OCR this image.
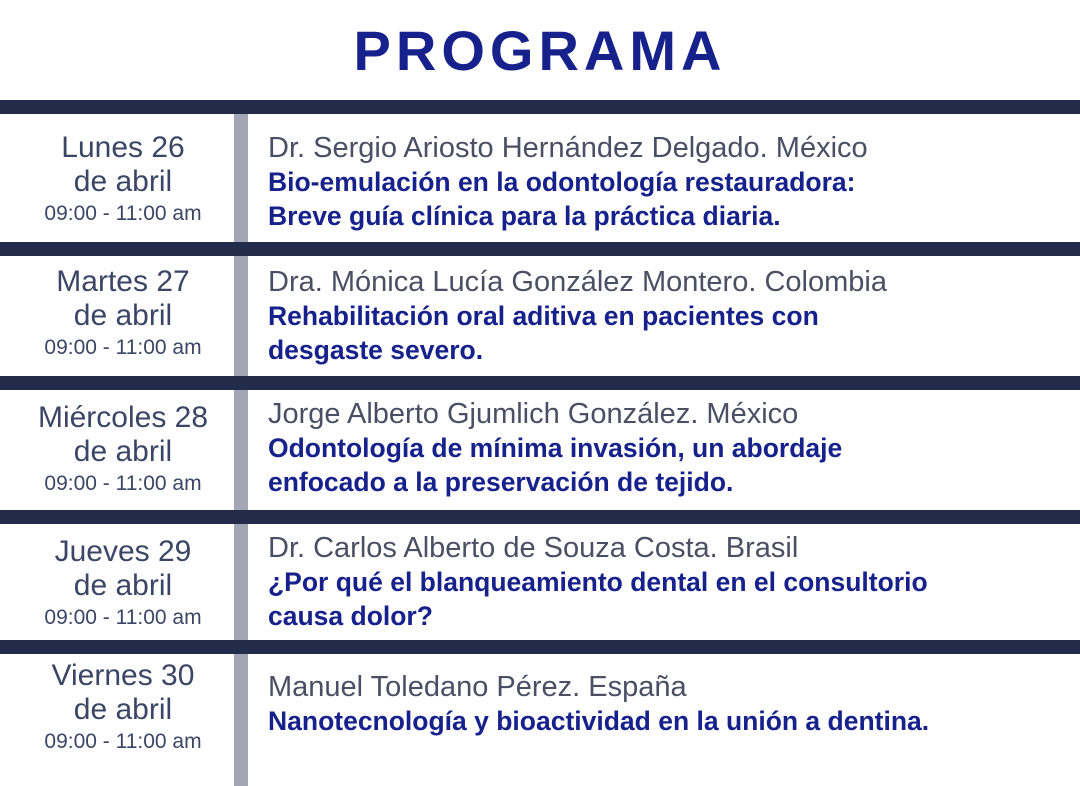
PROGRAMA
Lunes 26
de abril
09:00 - 11:00 am
Dr. Sergio Ariosto Hernández Delgado. México
Bio-emulación en la odontología restauradora:
Breve guía clínica para la práctica diaria.
Martes 27
de abril
09:00 - 11:00 am
Dra. Mónica Lucía González Montero. Colombia
Rehabilitación oral aditiva en pacientes con
desgaste severo.
Miércoles 28
de abril
09:00 - 11:00 am
Jorge Alberto Gjumlich González. México
Odontología de mínima invasión, un abordaje
enfocado a la preservación de tejido.
Jueves 29
de abril
09:00 - 11:00 am
Dr. Carlos Alberto de Souza Costa. Brasil
¿Por qué el blanqueamiento dental en el consultorio
causa dolor?
Viernes 30
de abril
09:00 - 11:00 am
Manuel Toledano Pérez. España
Nanotecnología y bioactividad en la unión a dentina.
